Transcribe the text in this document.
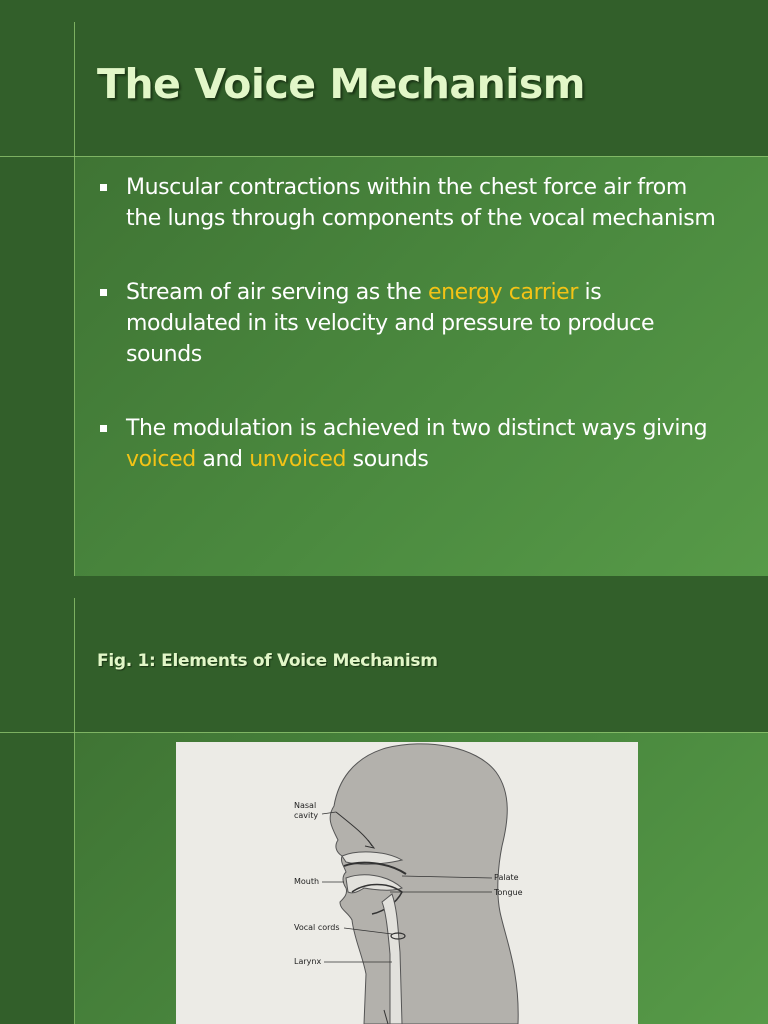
The Voice Mechanism
Muscular contractions within the chest force air from the lungs through components of the vocal mechanism
Stream of air serving as the energy carrier is modulated in its velocity and pressure to produce sounds
The modulation is achieved in two distinct ways giving voiced and unvoiced sounds

Fig. 1: Elements of Voice Mechanism

Nasal
cavity
Mouth	Palate
Tongue
Vocal cords
Larynx
